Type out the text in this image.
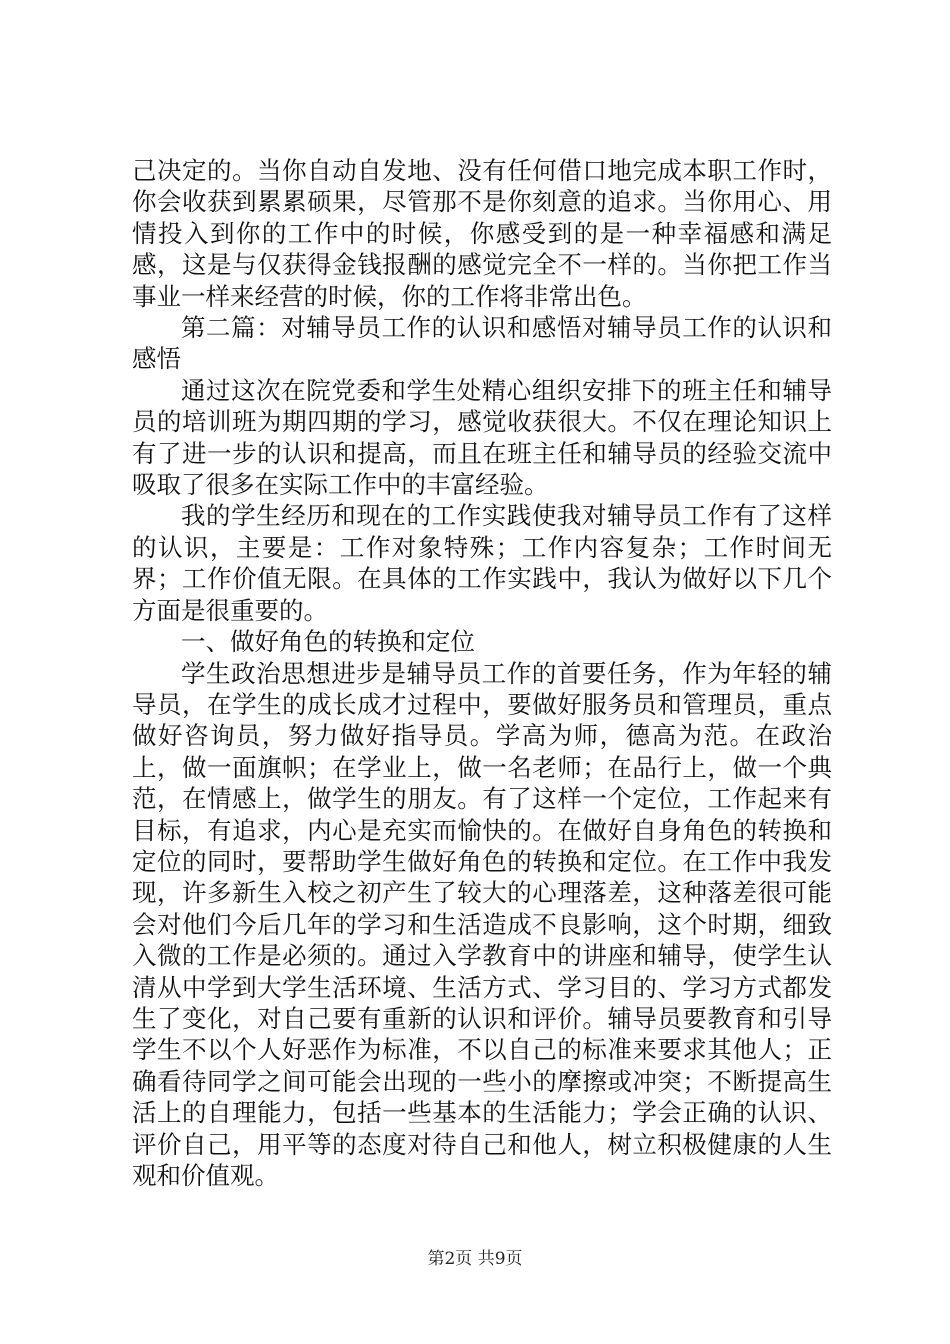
己决定的。当你自动自发地、没有任何借口地完成本职工作时，你会收获到累累硕果，尽管那不是你刻意的追求。当你用心、用情投入到你的工作中的时候，你感受到的是一种幸福感和满足感，这是与仅获得金钱报酬的感觉完全不一样的。当你把工作当事业一样来经营的时候，你的工作将非常出色。

第二篇：对辅导员工作的认识和感悟对辅导员工作的认识和感悟

通过这次在院党委和学生处精心组织安排下的班主任和辅导员的培训班为期四期的学习，感觉收获很大。不仅在理论知识上有了进一步的认识和提高，而且在班主任和辅导员的经验交流中吸取了很多在实际工作中的丰富经验。

我的学生经历和现在的工作实践使我对辅导员工作有了这样的认识，主要是：工作对象特殊；工作内容复杂；工作时间无界；工作价值无限。在具体的工作实践中，我认为做好以下几个方面是很重要的。

一、做好角色的转换和定位

学生政治思想进步是辅导员工作的首要任务，作为年轻的辅导员，在学生的成长成才过程中，要做好服务员和管理员，重点做好咨询员，努力做好指导员。学高为师，德高为范。在政治上，做一面旗帜；在学业上，做一名老师；在品行上，做一个典范，在情感上，做学生的朋友。有了这样一个定位，工作起来有目标，有追求，内心是充实而愉快的。在做好自身角色的转换和定位的同时，要帮助学生做好角色的转换和定位。在工作中我发现，许多新生入校之初产生了较大的心理落差，这种落差很可能会对他们今后几年的学习和生活造成不良影响，这个时期，细致入微的工作是必须的。通过入学教育中的讲座和辅导，使学生认清从中学到大学生活环境、生活方式、学习目的、学习方式都发生了变化，对自己要有重新的认识和评价。辅导员要教育和引导学生不以个人好恶作为标准，不以自己的标准来要求其他人；正确看待同学之间可能会出现的一些小的摩擦或冲突；不断提高生活上的自理能力，包括一些基本的生活能力；学会正确的认识、评价自己，用平等的态度对待自己和他人，树立积极健康的人生观和价值观。

第2页 共9页
